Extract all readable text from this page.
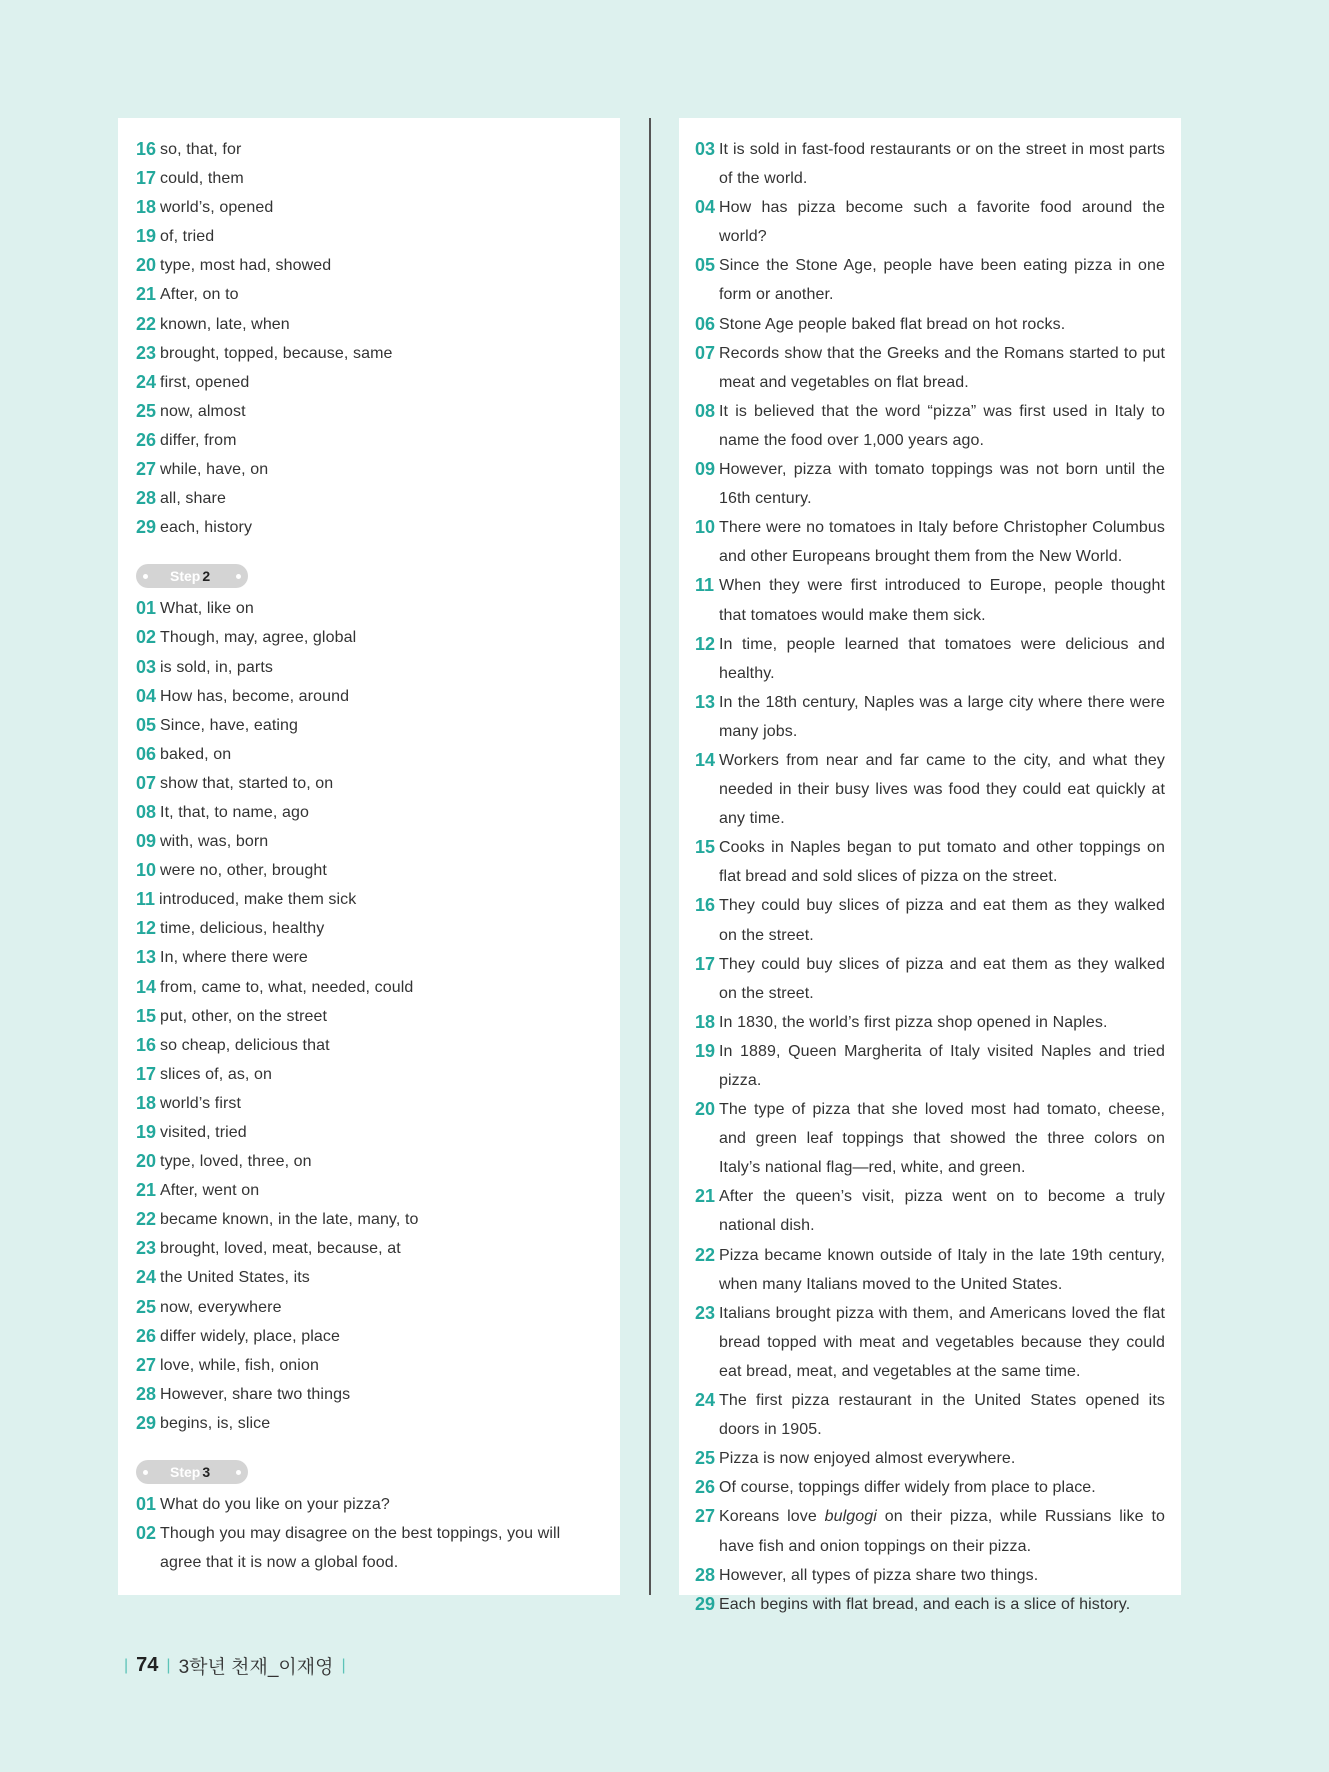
16 so, that, for
17 could, them
18 world’s, opened
19 of, tried
20 type, most had, showed
21 After, on to
22 known, late, when
23 brought, topped, because, same
24 first, opened
25 now, almost
26 differ, from
27 while, have, on
28 all, share
29 each, history
Step 2
01 What, like on
02 Though, may, agree, global
03 is sold, in, parts
04 How has, become, around
05 Since, have, eating
06 baked, on
07 show that, started to, on
08 It, that, to name, ago
09 with, was, born
10 were no, other, brought
11 introduced, make them sick
12 time, delicious, healthy
13 In, where there were
14 from, came to, what, needed, could
15 put, other, on the street
16 so cheap, delicious that
17 slices of, as, on
18 world’s first
19 visited, tried
20 type, loved, three, on
21 After, went on
22 became known, in the late, many, to
23 brought, loved, meat, because, at
24 the United States, its
25 now, everywhere
26 differ widely, place, place
27 love, while, fish, onion
28 However, share two things
29 begins, is, slice
Step 3
01 What do you like on your pizza?
02 Though you may disagree on the best toppings, you will agree that it is now a global food.
03 It is sold in fast-food restaurants or on the street in most parts of the world.
04 How has pizza become such a favorite food around the world?
05 Since the Stone Age, people have been eating pizza in one form or another.
06 Stone Age people baked flat bread on hot rocks.
07 Records show that the Greeks and the Romans started to put meat and vegetables on flat bread.
08 It is believed that the word “pizza” was first used in Italy to name the food over 1,000 years ago.
09 However, pizza with tomato toppings was not born until the 16th century.
10 There were no tomatoes in Italy before Christopher Columbus and other Europeans brought them from the New World.
11 When they were first introduced to Europe, people thought that tomatoes would make them sick.
12 In time, people learned that tomatoes were delicious and healthy.
13 In the 18th century, Naples was a large city where there were many jobs.
14 Workers from near and far came to the city, and what they needed in their busy lives was food they could eat quickly at any time.
15 Cooks in Naples began to put tomato and other toppings on flat bread and sold slices of pizza on the street.
16 They could buy slices of pizza and eat them as they walked on the street.
17 They could buy slices of pizza and eat them as they walked on the street.
18 In 1830, the world’s first pizza shop opened in Naples.
19 In 1889, Queen Margherita of Italy visited Naples and tried pizza.
20 The type of pizza that she loved most had tomato, cheese, and green leaf toppings that showed the three colors on Italy’s national flag—red, white, and green.
21 After the queen’s visit, pizza went on to become a truly national dish.
22 Pizza became known outside of Italy in the late 19th century, when many Italians moved to the United States.
23 Italians brought pizza with them, and Americans loved the flat bread topped with meat and vegetables because they could eat bread, meat, and vegetables at the same time.
24 The first pizza restaurant in the United States opened its doors in 1905.
25 Pizza is now enjoyed almost everywhere.
26 Of course, toppings differ widely from place to place.
27 Koreans love bulgogi on their pizza, while Russians like to have fish and onion toppings on their pizza.
28 However, all types of pizza share two things.
29 Each begins with flat bread, and each is a slice of history.
| 74 | 3학년 천재_이재영 |
